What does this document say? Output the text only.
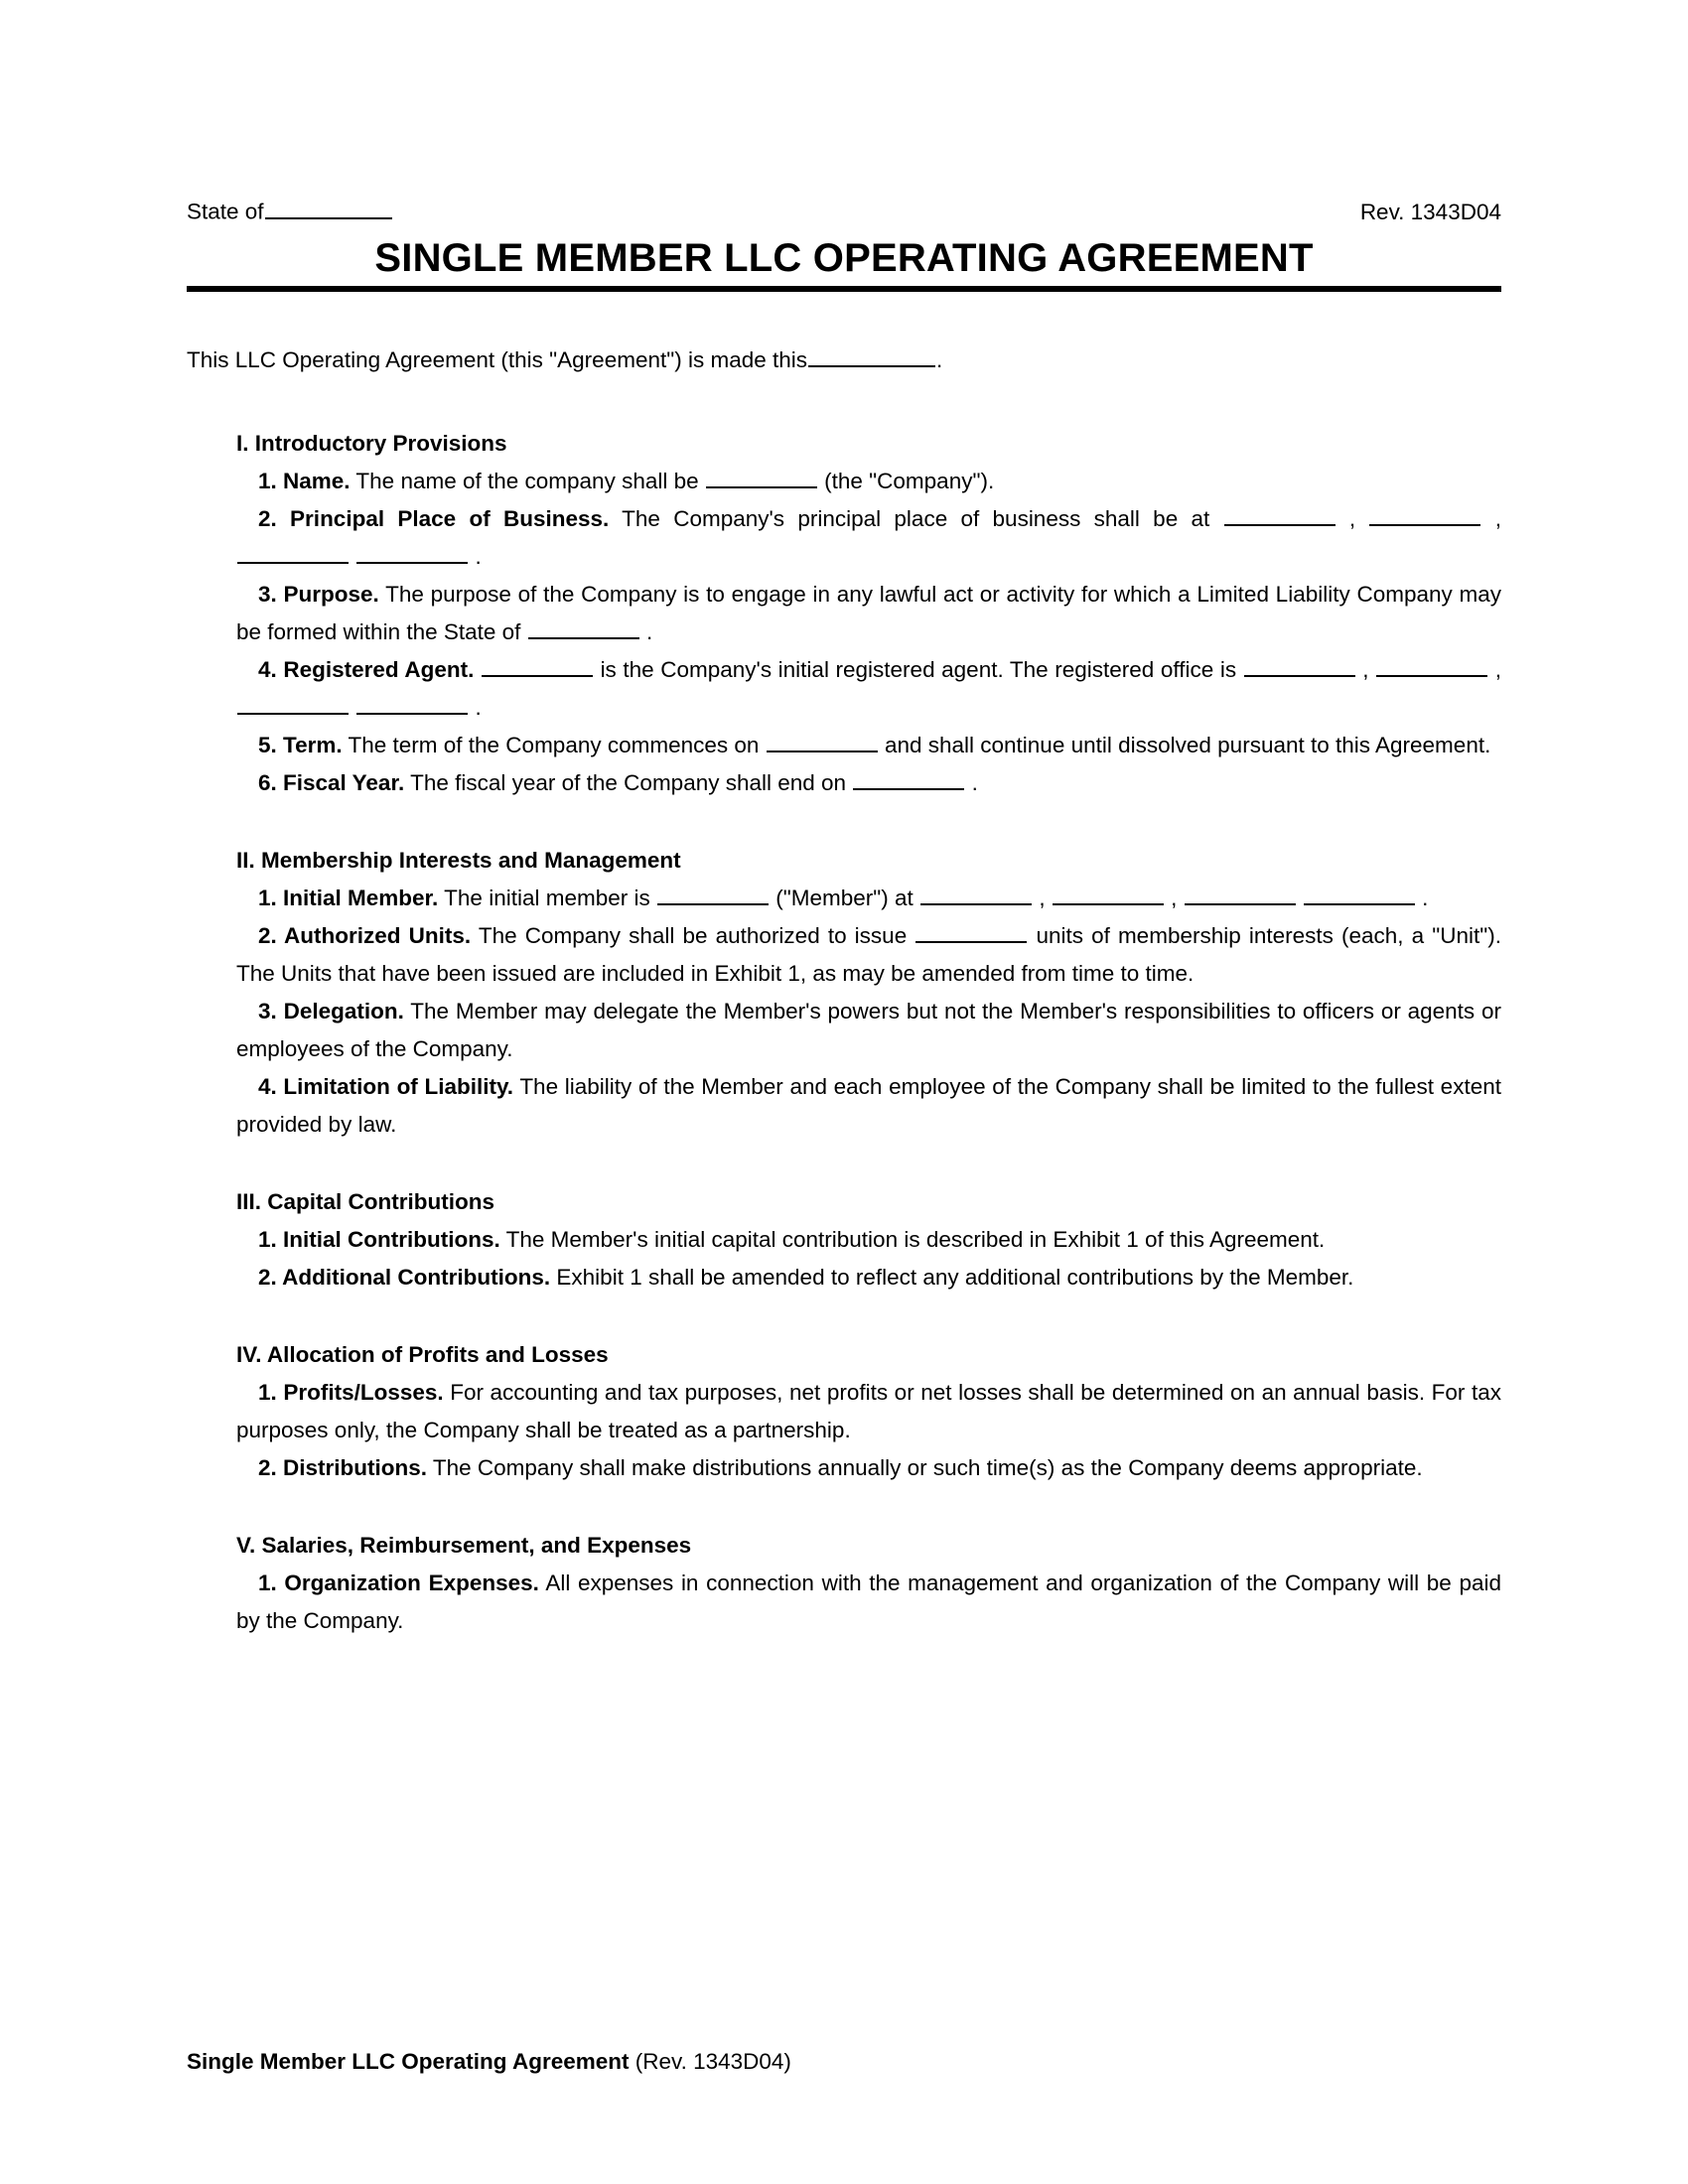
State of	Rev. 1343D04
SINGLE MEMBER LLC OPERATING AGREEMENT

This LLC Operating Agreement (this "Agreement") is made this	.

I. Introductory Provisions

1. Name. The name of the company shall be	(the "Company").

2. Principal Place of Business. The Company's principal place of business shall be at	,	,   .

3. Purpose. The purpose of the Company is to engage in any lawful act or activity for which a Limited Liability Company may be formed within the State of	.

4. Registered Agent.	is the Company's initial registered agent. The registered office is	,	,   .

5. Term. The term of the Company commences on	and shall continue until dissolved pursuant to this Agreement.

6. Fiscal Year. The fiscal year of the Company shall end on	.

II. Membership Interests and Management

1. Initial Member. The initial member is	("Member") at	,	,	.

2. Authorized Units. The Company shall be authorized to issue	units of membership interests (each, a "Unit"). The Units that have been issued are included in Exhibit 1, as may be amended from time to time.

3. Delegation. The Member may delegate the Member's powers but not the Member's responsibilities to officers or agents or employees of the Company.

4. Limitation of Liability. The liability of the Member and each employee of the Company shall be limited to the fullest extent provided by law.

III. Capital Contributions

1. Initial Contributions. The Member's initial capital contribution is described in Exhibit 1 of this Agreement.

2. Additional Contributions. Exhibit 1 shall be amended to reflect any additional contributions by the Member.

IV. Allocation of Profits and Losses

1. Profits/Losses. For accounting and tax purposes, net profits or net losses shall be determined on an annual basis. For tax purposes only, the Company shall be treated as a partnership.

2. Distributions. The Company shall make distributions annually or such time(s) as the Company deems appropriate.

V. Salaries, Reimbursement, and Expenses

1. Organization Expenses. All expenses in connection with the management and organization of the Company will be paid by the Company.

Single Member LLC Operating Agreement (Rev. 1343D04)
